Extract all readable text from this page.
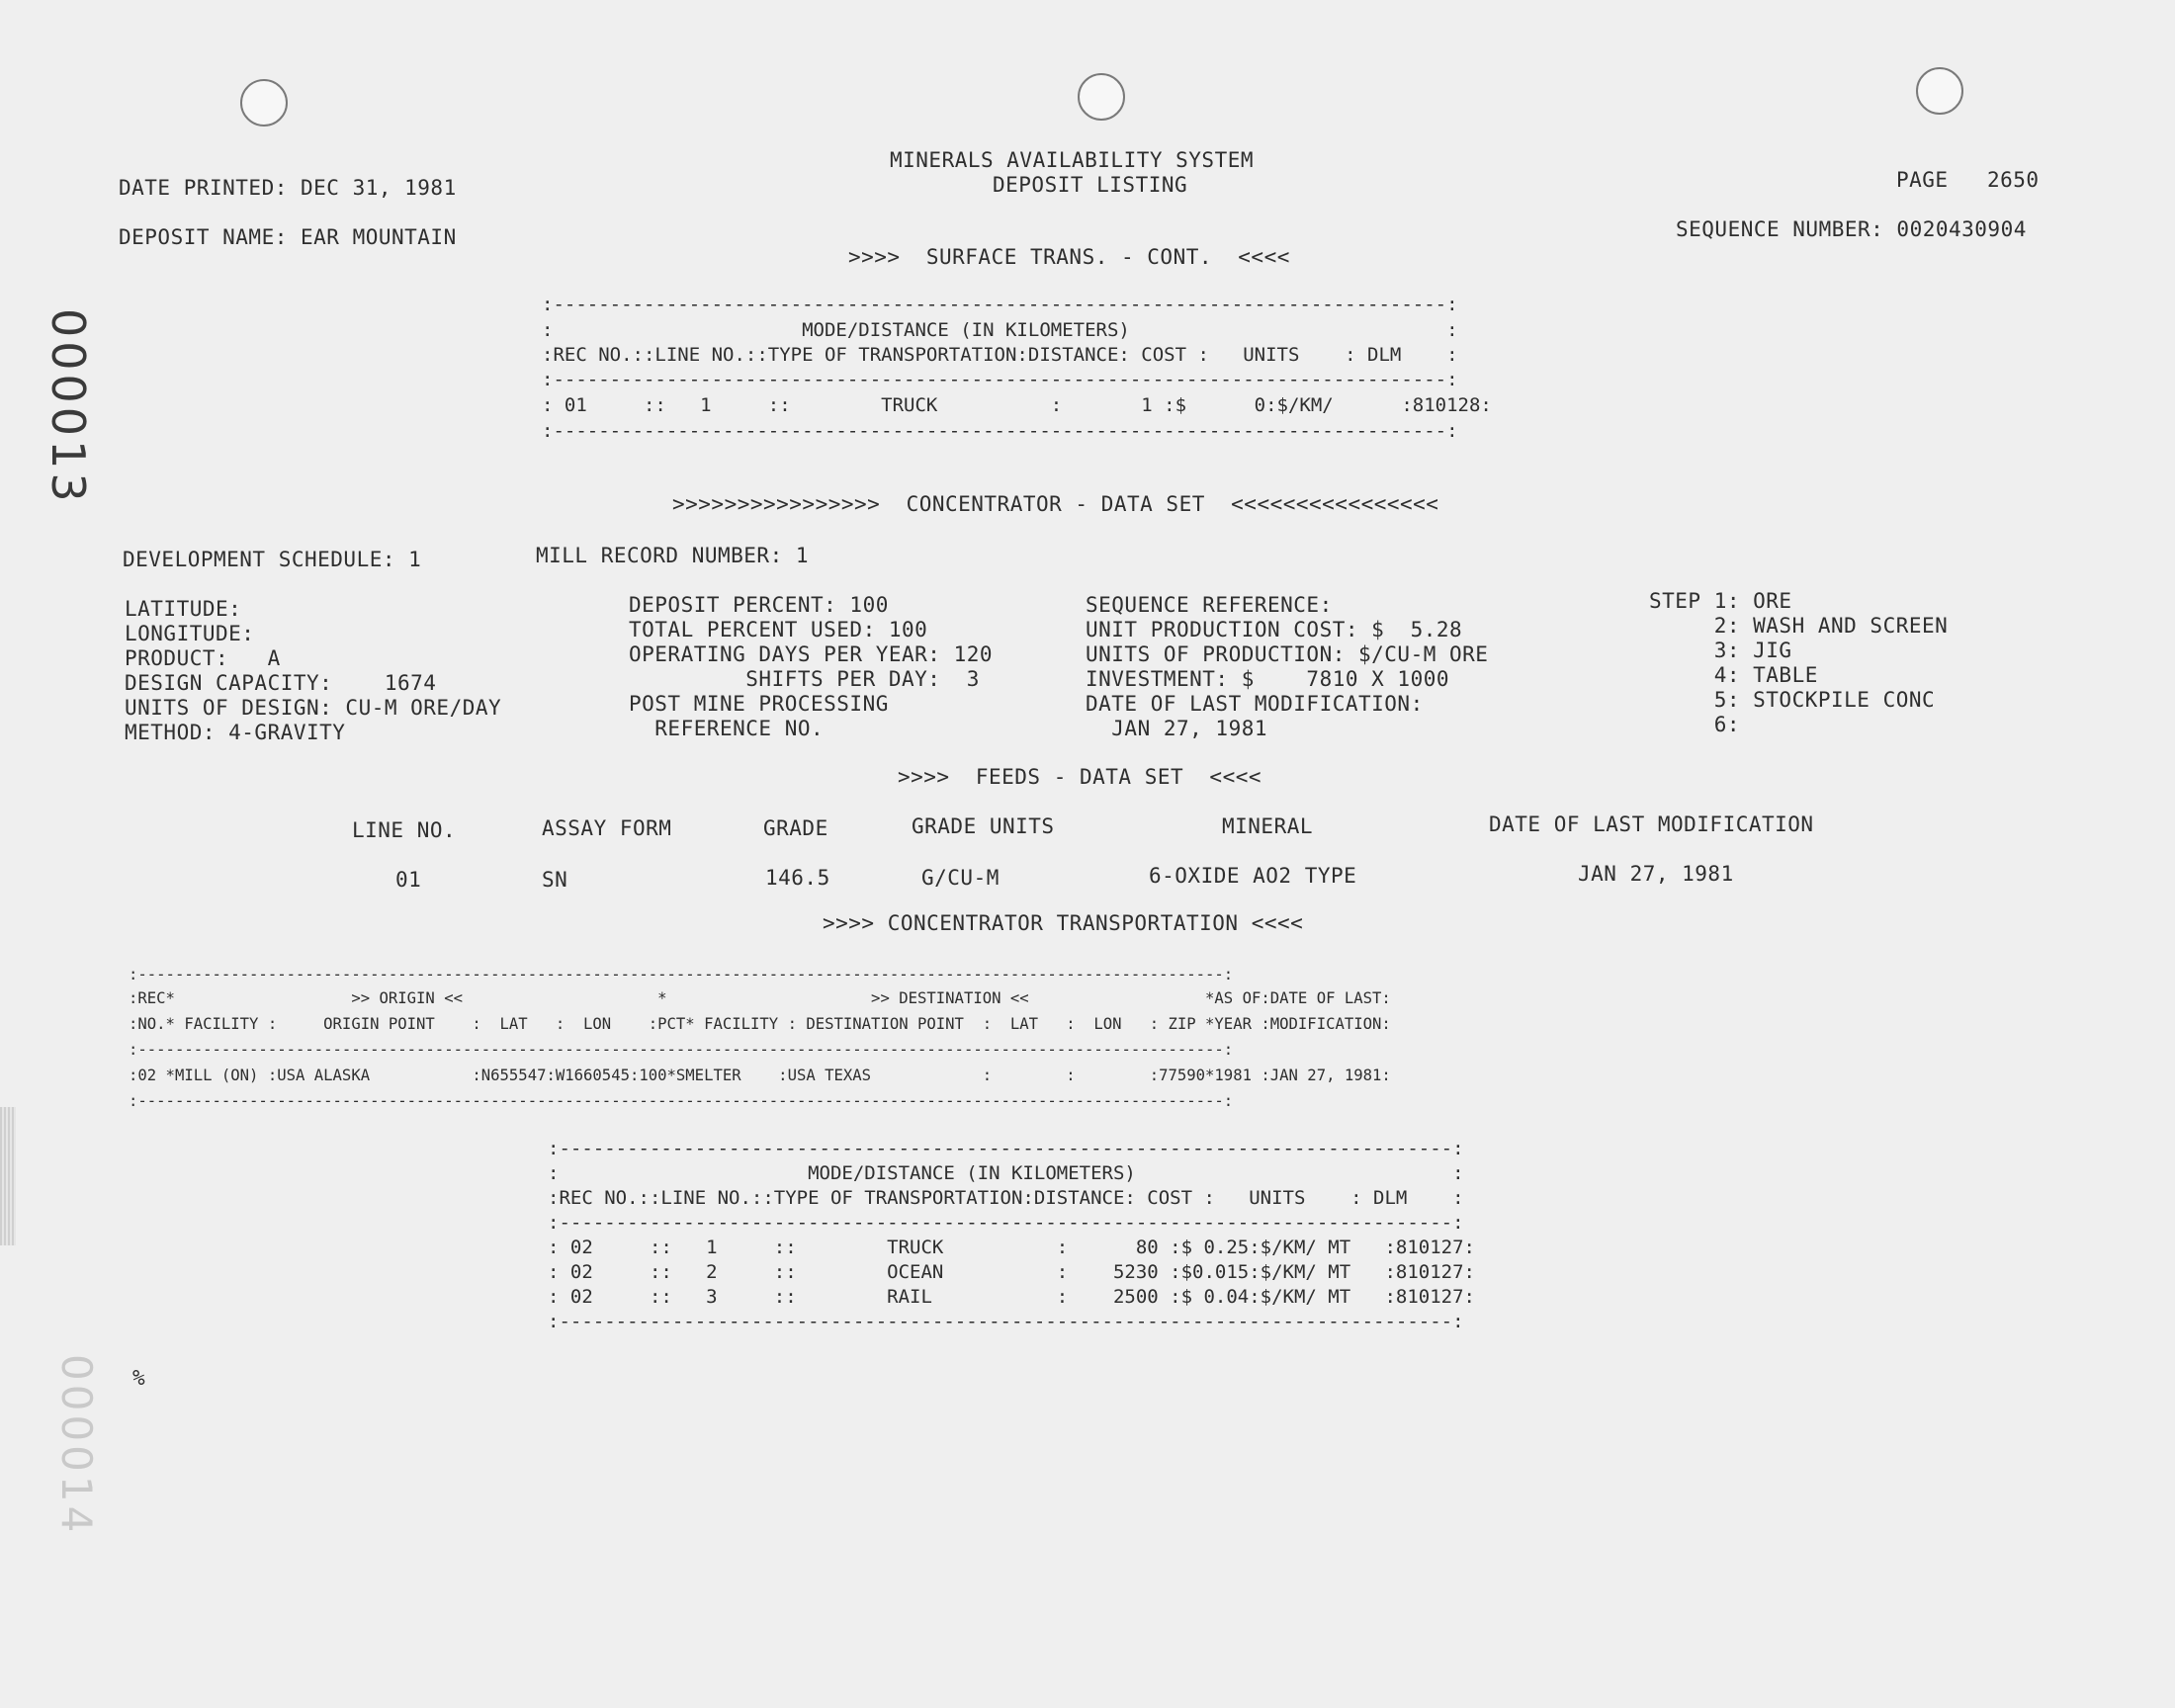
000013
000014
MINERALS AVAILABILITY SYSTEM
DEPOSIT LISTING
DATE PRINTED: DEC 31, 1981	PAGE   2650
DEPOSIT NAME: EAR MOUNTAIN	SEQUENCE NUMBER: 0020430904
>>>>  SURFACE TRANS. - CONT.  <<<<
:-------------------------------------------------------------------------------:
:                      MODE/DISTANCE (IN KILOMETERS)                            :
:REC NO.::LINE NO.::TYPE OF TRANSPORTATION:DISTANCE: COST :   UNITS    : DLM    :
:-------------------------------------------------------------------------------:
: 01     ::   1     ::        TRUCK          :       1 :$      0:$/KM/      :810128:
:-------------------------------------------------------------------------------:
>>>>>>>>>>>>>>>>  CONCENTRATOR - DATA SET  <<<<<<<<<<<<<<<<
DEVELOPMENT SCHEDULE: 1	MILL RECORD NUMBER: 1
LATITUDE:
LONGITUDE:
PRODUCT:   A
DESIGN CAPACITY:    1674
UNITS OF DESIGN: CU-M ORE/DAY
METHOD: 4-GRAVITY
DEPOSIT PERCENT: 100
TOTAL PERCENT USED: 100
OPERATING DAYS PER YEAR: 120
SHIFTS PER DAY:  3
POST MINE PROCESSING
REFERENCE NO.
SEQUENCE REFERENCE:
UNIT PRODUCTION COST: $  5.28
UNITS OF PRODUCTION: $/CU-M ORE
INVESTMENT: $    7810 X 1000
DATE OF LAST MODIFICATION:
JAN 27, 1981
STEP 1: ORE
2: WASH AND SCREEN
3: JIG
4: TABLE
5: STOCKPILE CONC
6:
>>>>  FEEDS - DATA SET  <<<<
LINE NO.	ASSAY FORM	GRADE	GRADE UNITS	MINERAL	DATE OF LAST MODIFICATION
01	SN	146.5	G/CU-M	6-OXIDE AO2 TYPE	JAN 27, 1981
>>>> CONCENTRATOR TRANSPORTATION <<<<
:---------------------------------------------------------------------------------------------------------------------:
:REC*                   >> ORIGIN <<                     *                      >> DESTINATION <<                   *AS OF:DATE OF LAST:
:NO.* FACILITY :     ORIGIN POINT    :  LAT   :  LON    :PCT* FACILITY : DESTINATION POINT  :  LAT   :  LON   : ZIP *YEAR :MODIFICATION:
:---------------------------------------------------------------------------------------------------------------------:
:02 *MILL (ON) :USA ALASKA           :N655547:W1660545:100*SMELTER    :USA TEXAS            :        :        :77590*1981 :JAN 27, 1981:
:---------------------------------------------------------------------------------------------------------------------:
:-------------------------------------------------------------------------------:
:                      MODE/DISTANCE (IN KILOMETERS)                            :
:REC NO.::LINE NO.::TYPE OF TRANSPORTATION:DISTANCE: COST :   UNITS    : DLM    :
:-------------------------------------------------------------------------------:
: 02     ::   1     ::        TRUCK          :      80 :$ 0.25:$/KM/ MT   :810127:
: 02     ::   2     ::        OCEAN          :    5230 :$0.015:$/KM/ MT   :810127:
: 02     ::   3     ::        RAIL           :    2500 :$ 0.04:$/KM/ MT   :810127:
:-------------------------------------------------------------------------------:
%
